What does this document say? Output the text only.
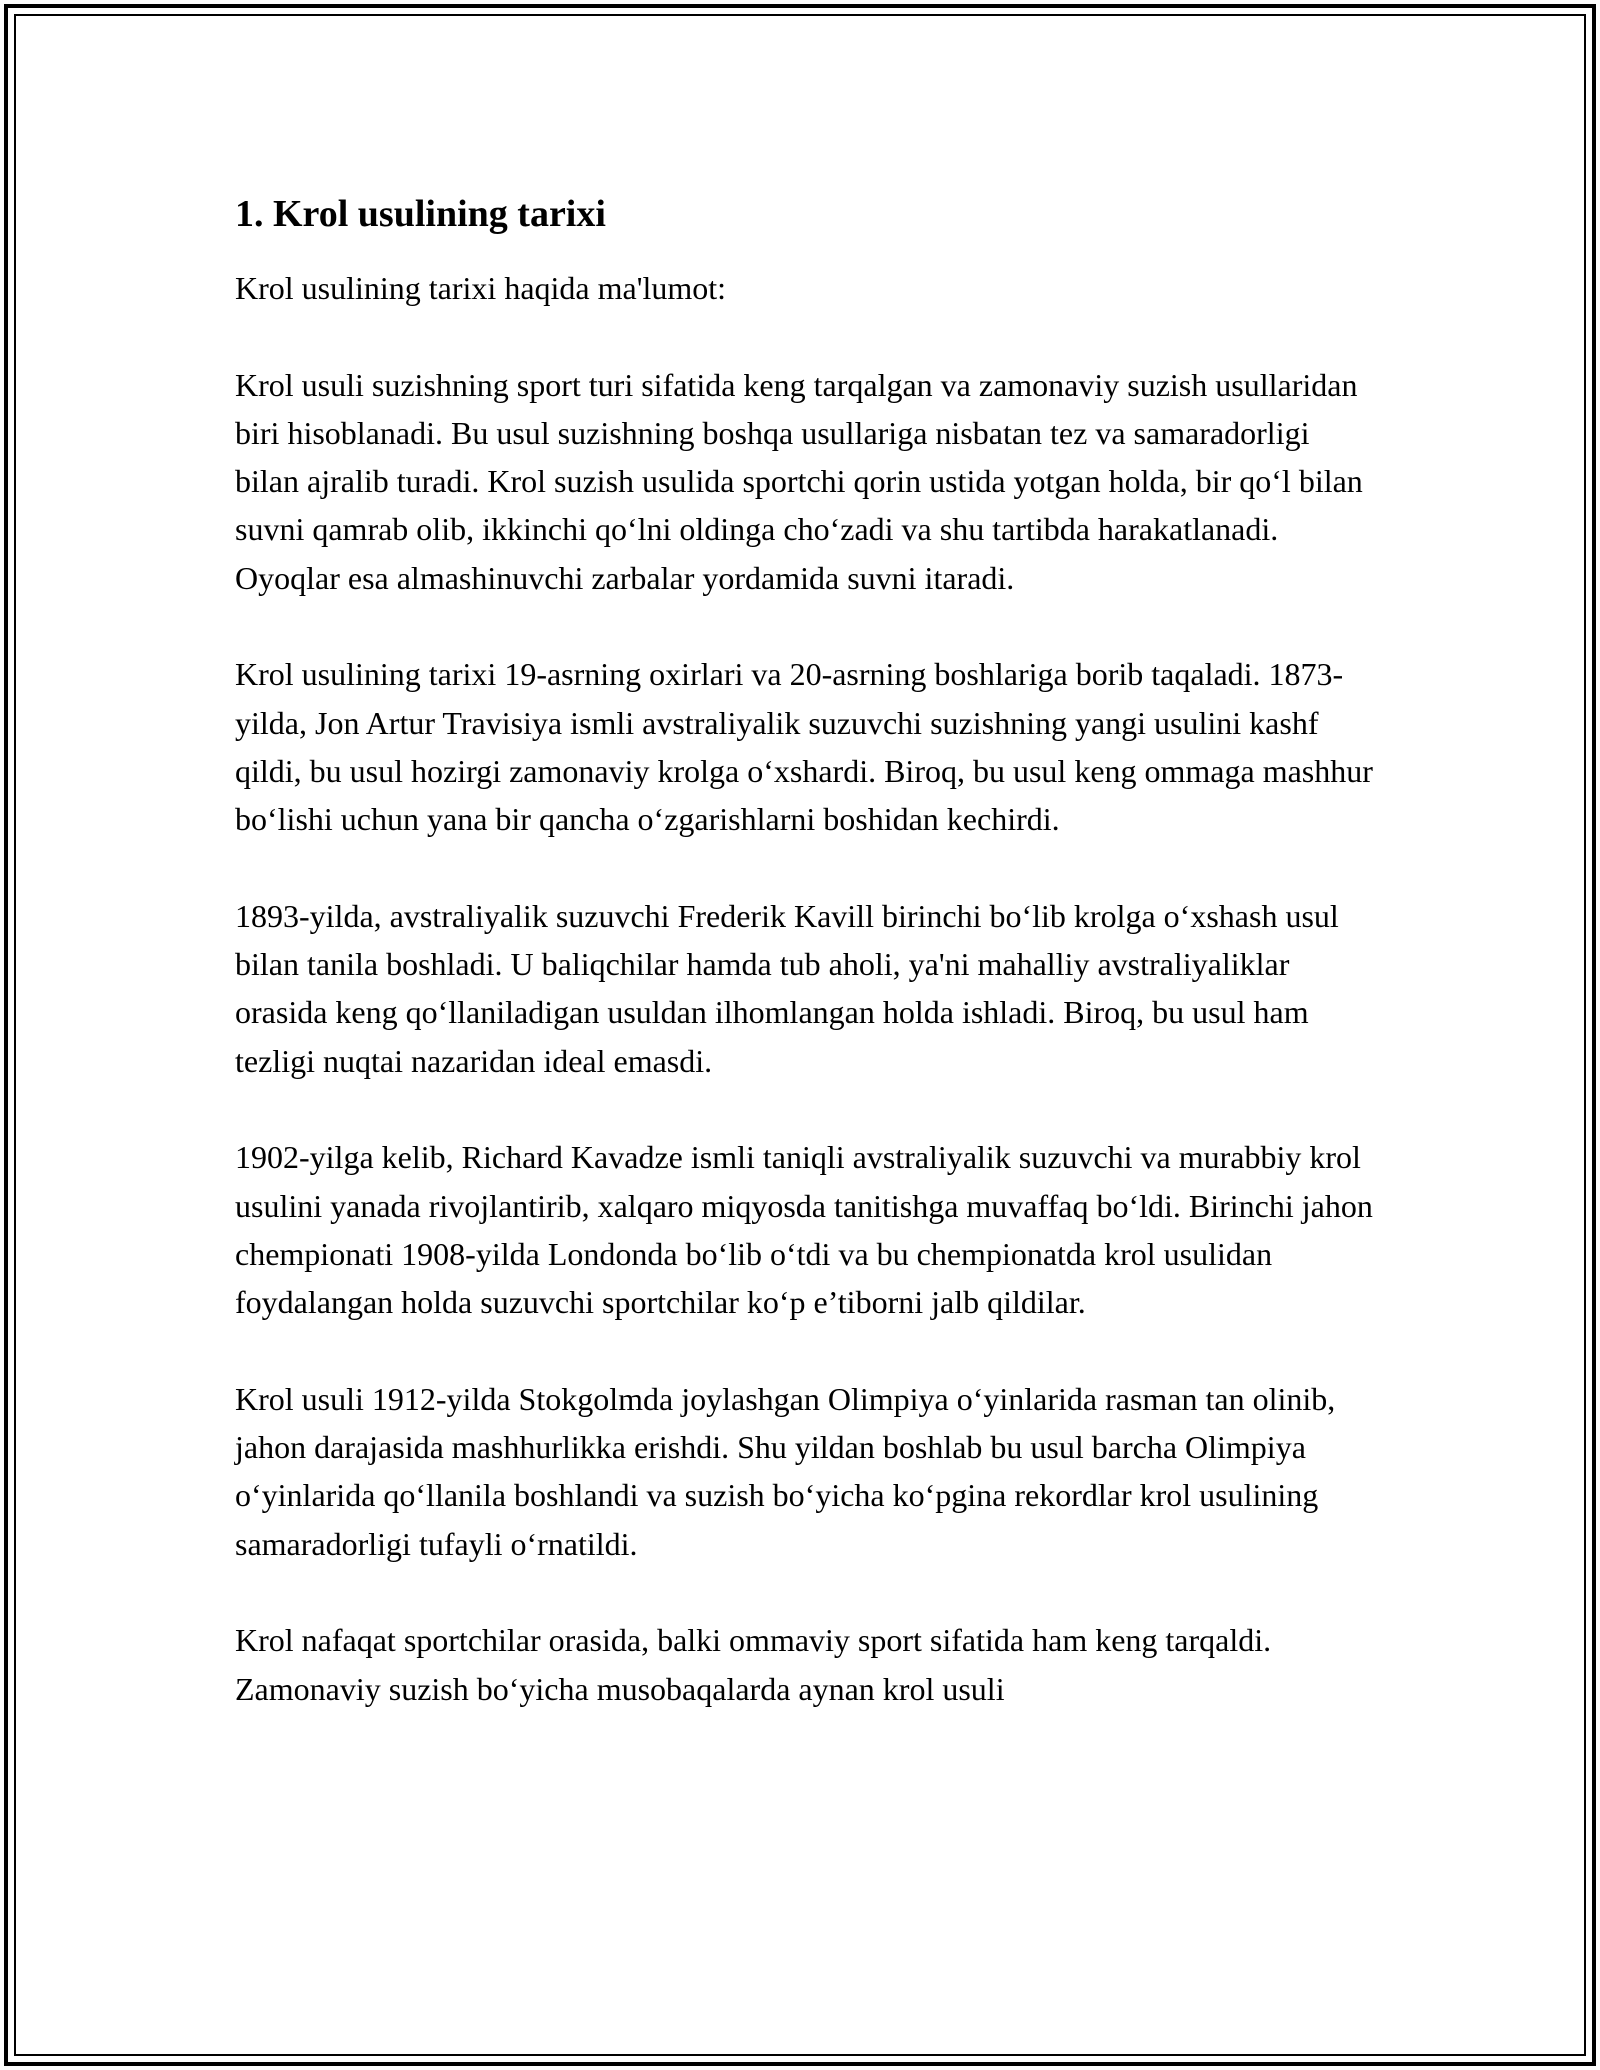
1. Krol usulining tarixi

Krol usulining tarixi haqida ma'lumot:

Krol usuli suzishning sport turi sifatida keng tarqalgan va zamonaviy suzish usullaridan biri hisoblanadi. Bu usul suzishning boshqa usullariga nisbatan tez va samaradorligi bilan ajralib turadi. Krol suzish usulida sportchi qorin ustida yotgan holda, bir qoʻl bilan suvni qamrab olib, ikkinchi qoʻlni oldinga choʻzadi va shu tartibda harakatlanadi. Oyoqlar esa almashinuvchi zarbalar yordamida suvni itaradi.

Krol usulining tarixi 19-asrning oxirlari va 20-asrning boshlariga borib taqaladi. 1873-yilda, Jon Artur Travisiya ismli avstraliyalik suzuvchi suzishning yangi usulini kashf qildi, bu usul hozirgi zamonaviy krolga oʻxshardi. Biroq, bu usul keng ommaga mashhur boʻlishi uchun yana bir qancha oʻzgarishlarni boshidan kechirdi.

1893-yilda, avstraliyalik suzuvchi Frederik Kavill birinchi boʻlib krolga oʻxshash usul bilan tanila boshladi. U baliqchilar hamda tub aholi, ya'ni mahalliy avstraliyaliklar orasida keng qoʻllaniladigan usuldan ilhomlangan holda ishladi. Biroq, bu usul ham tezligi nuqtai nazaridan ideal emasdi.

1902-yilga kelib, Richard Kavadze ismli taniqli avstraliyalik suzuvchi va murabbiy krol usulini yanada rivojlantirib, xalqaro miqyosda tanitishga muvaffaq boʻldi. Birinchi jahon chempionati 1908-yilda Londonda boʻlib oʻtdi va bu chempionatda krol usulidan foydalangan holda suzuvchi sportchilar koʻp e’tiborni jalb qildilar.

Krol usuli 1912-yilda Stokgolmda joylashgan Olimpiya oʻyinlarida rasman tan olinib, jahon darajasida mashhurlikka erishdi. Shu yildan boshlab bu usul barcha Olimpiya oʻyinlarida qoʻllanila boshlandi va suzish boʻyicha koʻpgina rekordlar krol usulining samaradorligi tufayli oʻrnatildi.

Krol nafaqat sportchilar orasida, balki ommaviy sport sifatida ham keng tarqaldi. Zamonaviy suzish boʻyicha musobaqalarda aynan krol usuli
